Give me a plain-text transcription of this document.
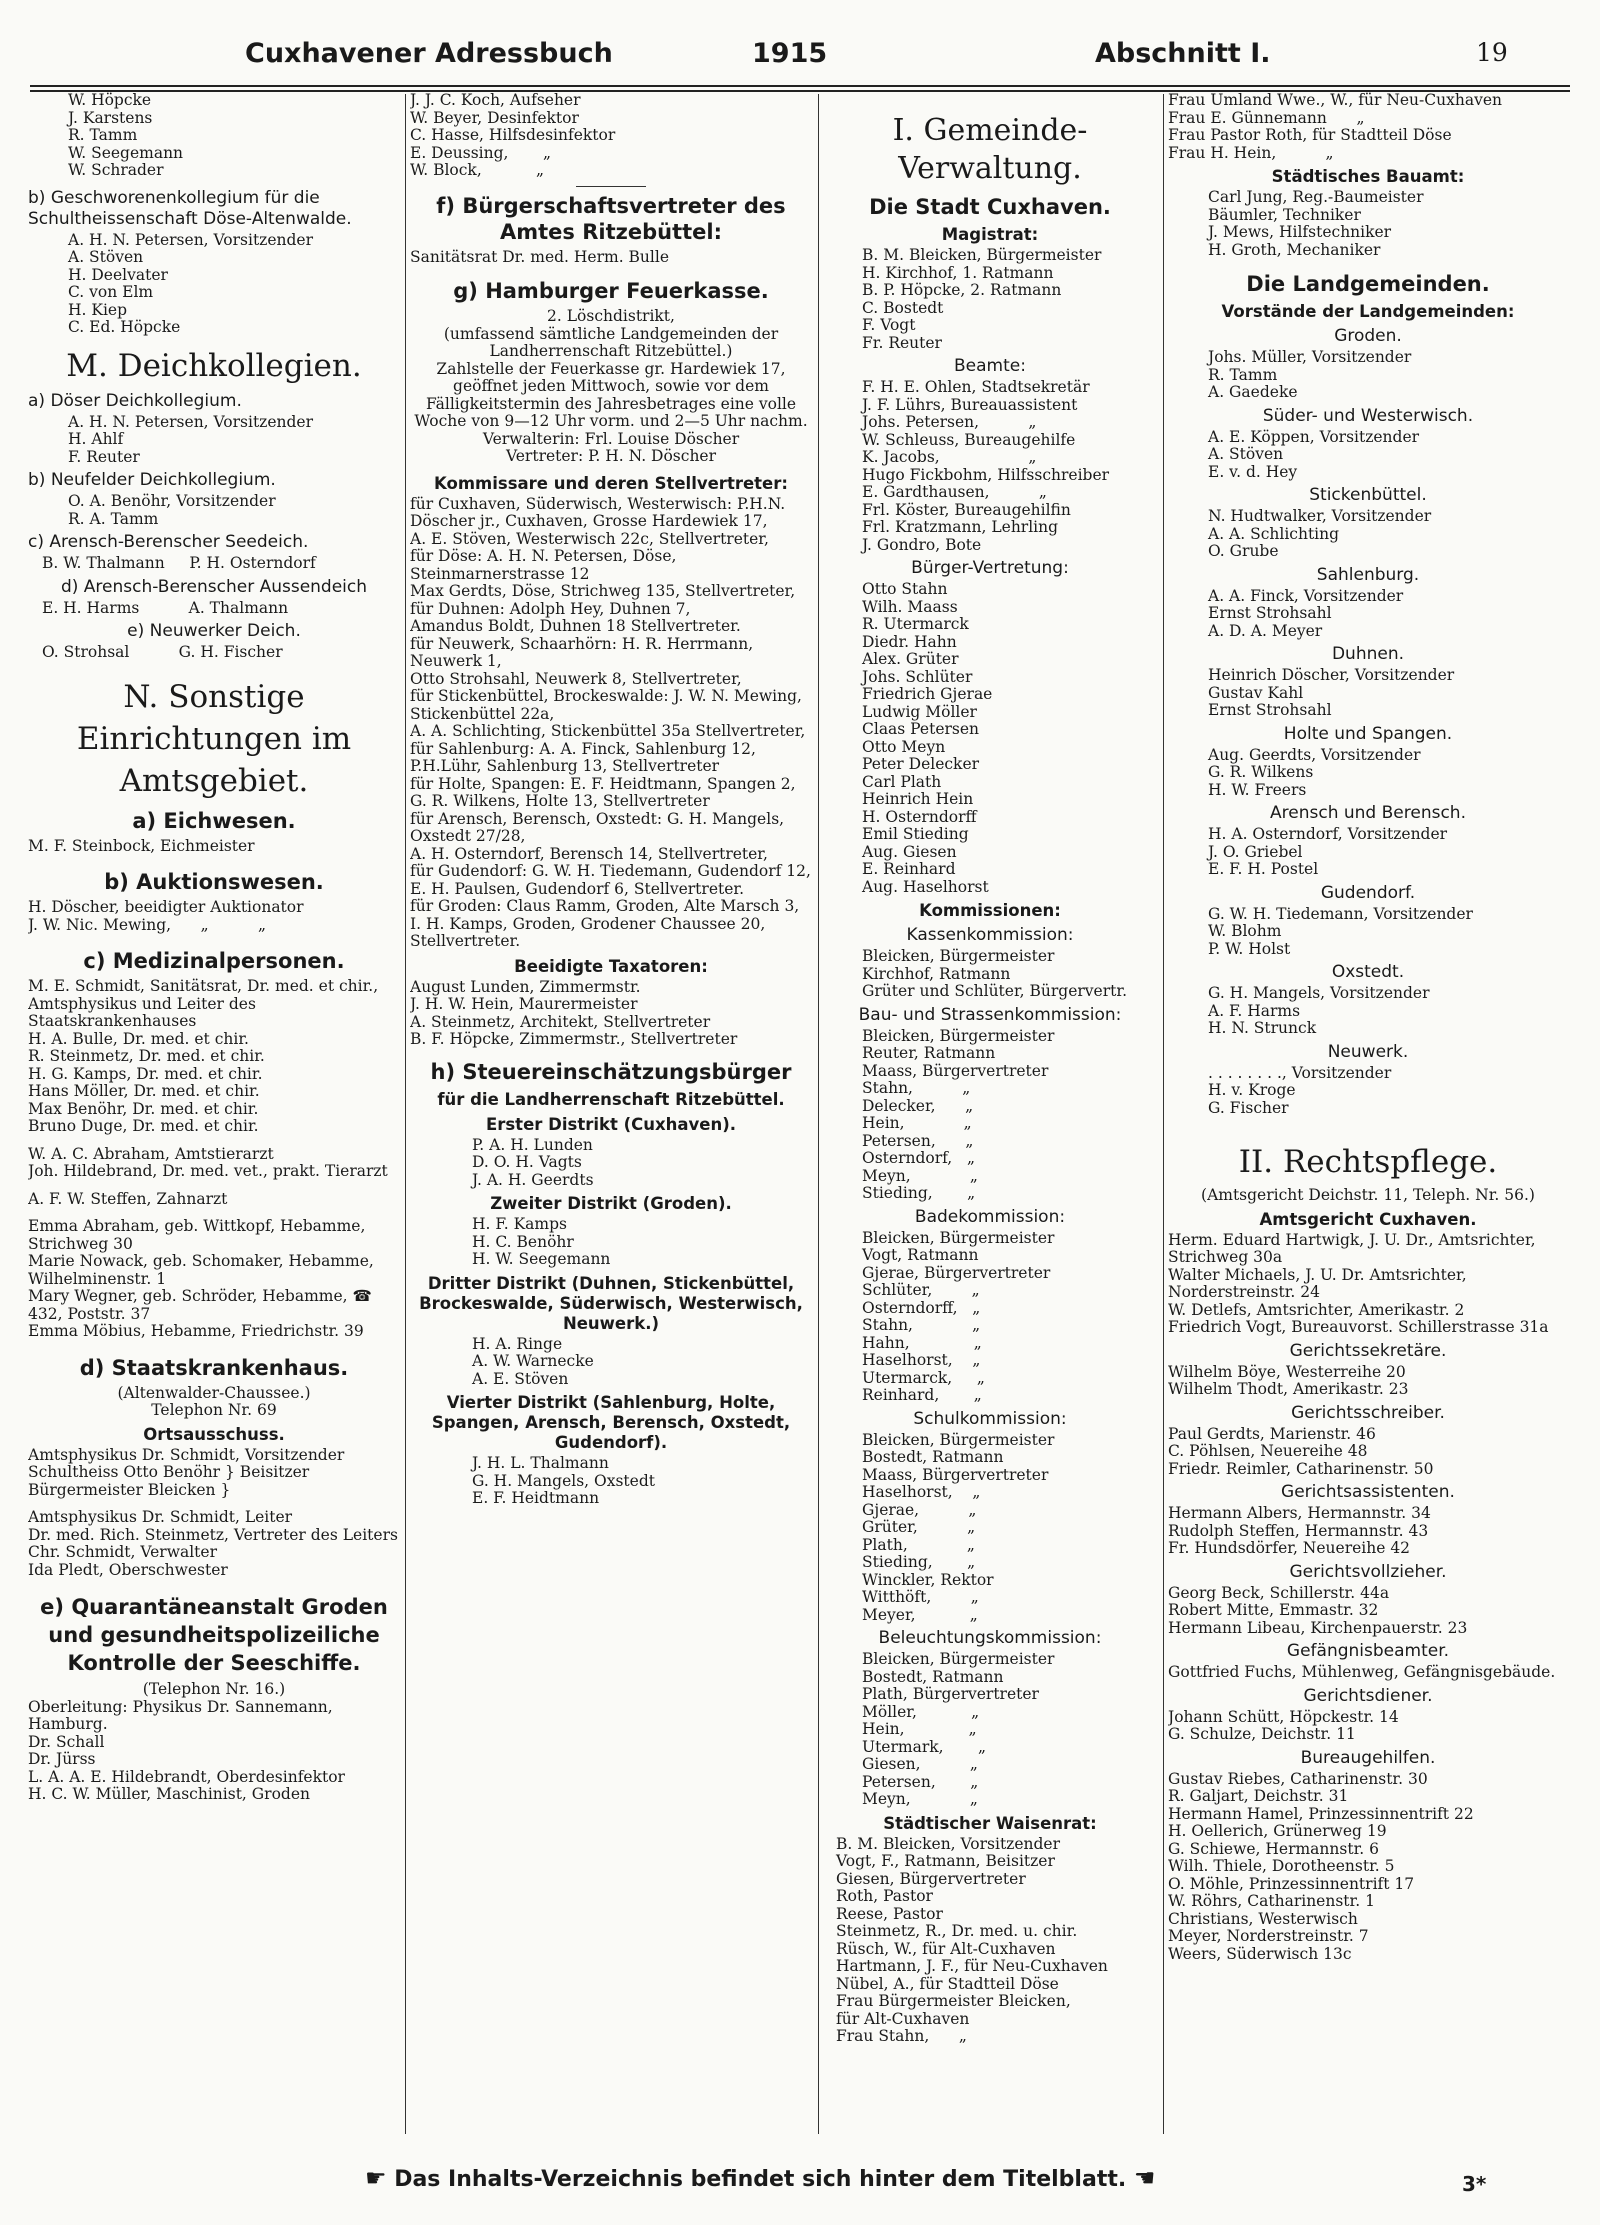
Cuxhavener Adressbuch	1915	Abschnitt I.	19
W. Höpcke
J. Karstens
R. Tamm
W. Seegemann
W. Schrader
b) Geschworenenkollegium für die Schultheissenschaft Döse-Altenwalde.
A. H. N. Petersen, Vorsitzender
A. Stöven
H. Deelvater
C. von Elm
H. Kiep
C. Ed. Höpcke
M. Deichkollegien.
a) Döser Deichkollegium.
A. H. N. Petersen, Vorsitzender
H. Ahlf
F. Reuter
b) Neufelder Deichkollegium.
O. A. Benöhr, Vorsitzender
R. A. Tamm
c) Arensch-Berenscher Seedeich.
B. W. Thalmann     P. H. Osterndorf
d) Arensch-Berenscher Aussendeich
E. H. Harms          A. Thalmann
e) Neuwerker Deich.
O. Strohsal          G. H. Fischer
N. Sonstige Einrichtungen im Amtsgebiet.
a) Eichwesen.
M. F. Steinbock, Eichmeister
b) Auktionswesen.
H. Döscher, beeidigter Auktionator
J. W. Nic. Mewing,      „          „
c) Medizinalpersonen.
M. E. Schmidt, Sanitätsrat, Dr. med. et chir., Amtsphysikus und Leiter des Staatskrankenhauses
H. A. Bulle, Dr. med. et chir.
R. Steinmetz, Dr. med. et chir.
H. G. Kamps, Dr. med. et chir.
Hans Möller, Dr. med. et chir.
Max Benöhr, Dr. med. et chir.
Bruno Duge, Dr. med. et chir.
W. A. C. Abraham, Amtstierarzt
Joh. Hildebrand, Dr. med. vet., prakt. Tierarzt
A. F. W. Steffen, Zahnarzt
Emma Abraham, geb. Wittkopf, Hebamme, Strichweg 30
Marie Nowack, geb. Schomaker, Hebamme, Wilhelminenstr. 1
Mary Wegner, geb. Schröder, Hebamme, ☎ 432, Poststr. 37
Emma Möbius, Hebamme, Friedrichstr. 39
d) Staatskrankenhaus.
(Altenwalder-Chaussee.)
Telephon Nr. 69
Ortsausschuss.
Amtsphysikus Dr. Schmidt, Vorsitzender
Schultheiss Otto Benöhr } Beisitzer
Bürgermeister Bleicken }
Amtsphysikus Dr. Schmidt, Leiter
Dr. med. Rich. Steinmetz, Vertreter des Leiters
Chr. Schmidt, Verwalter
Ida Pledt, Oberschwester
e) Quarantäneanstalt Groden und gesundheitspolizeiliche Kontrolle der Seeschiffe.
(Telephon Nr. 16.)
Oberleitung: Physikus Dr. Sannemann, Hamburg.
Dr. Schall
Dr. Jürss
L. A. A. E. Hildebrandt, Oberdesinfektor
H. C. W. Müller, Maschinist, Groden
J. J. C. Koch, Aufseher
W. Beyer, Desinfektor
C. Hasse, Hilfsdesinfektor
E. Deussing,       „
W. Block,           „
f) Bürgerschaftsvertreter des Amtes Ritzebüttel:
Sanitätsrat Dr. med. Herm. Bulle
g) Hamburger Feuerkasse.
2. Löschdistrikt,
(umfassend sämtliche Landgemeinden der Landherrenschaft Ritzebüttel.)
Zahlstelle der Feuerkasse gr. Hardewiek 17, geöffnet jeden Mittwoch, sowie vor dem Fälligkeitstermin des Jahresbetrages eine volle Woche von 9—12 Uhr vorm. und 2—5 Uhr nachm.
Verwalterin: Frl. Louise Döscher
Vertreter: P. H. N. Döscher
Kommissare und deren Stellvertreter:
für Cuxhaven, Süderwisch, Westerwisch: P.H.N. Döscher jr., Cuxhaven, Grosse Hardewiek 17,
A. E. Stöven, Westerwisch 22c, Stellvertreter,
für Döse: A. H. N. Petersen, Döse, Steinmarnerstrasse 12
Max Gerdts, Döse, Strichweg 135, Stellvertreter,
für Duhnen: Adolph Hey, Duhnen 7,
Amandus Boldt, Duhnen 18 Stellvertreter.
für Neuwerk, Schaarhörn: H. R. Herrmann, Neuwerk 1,
Otto Strohsahl, Neuwerk 8, Stellvertreter,
für Stickenbüttel, Brockeswalde: J. W. N. Mewing, Stickenbüttel 22a,
A. A. Schlichting, Stickenbüttel 35a Stellvertreter,
für Sahlenburg: A. A. Finck, Sahlenburg 12,
P.H.Lühr, Sahlenburg 13, Stellvertreter
für Holte, Spangen: E. F. Heidtmann, Spangen 2,
G. R. Wilkens, Holte 13, Stellvertreter
für Arensch, Berensch, Oxstedt: G. H. Mangels, Oxstedt 27/28,
A. H. Osterndorf, Berensch 14, Stellvertreter,
für Gudendorf: G. W. H. Tiedemann, Gudendorf 12,
E. H. Paulsen, Gudendorf 6, Stellvertreter.
für Groden: Claus Ramm, Groden, Alte Marsch 3,
I. H. Kamps, Groden, Grodener Chaussee 20, Stellvertreter.
Beeidigte Taxatoren:
August Lunden, Zimmermstr.
J. H. W. Hein, Maurermeister
A. Steinmetz, Architekt, Stellvertreter
B. F. Höpcke, Zimmermstr., Stellvertreter
h) Steuereinschätzungsbürger
für die Landherrenschaft Ritzebüttel.
Erster Distrikt (Cuxhaven).
P. A. H. Lunden
D. O. H. Vagts
J. A. H. Geerdts
Zweiter Distrikt (Groden).
H. F. Kamps
H. C. Benöhr
H. W. Seegemann
Dritter Distrikt (Duhnen, Stickenbüttel, Brockeswalde, Süderwisch, Westerwisch, Neuwerk.)
H. A. Ringe
A. W. Warnecke
A. E. Stöven
Vierter Distrikt (Sahlenburg, Holte, Spangen, Arensch, Berensch, Oxstedt, Gudendorf).
J. H. L. Thalmann
G. H. Mangels, Oxstedt
E. F. Heidtmann
I. Gemeinde-Verwaltung.
Die Stadt Cuxhaven.
Magistrat:
B. M. Bleicken, Bürgermeister
H. Kirchhof, 1. Ratmann
B. P. Höpcke, 2. Ratmann
C. Bostedt
F. Vogt
Fr. Reuter
Beamte:
F. H. E. Ohlen, Stadtsekretär
J. F. Lührs, Bureauassistent
Johs. Petersen,          „
W. Schleuss, Bureaugehilfe
K. Jacobs,                  „
Hugo Fickbohm, Hilfsschreiber
E. Gardthausen,          „
Frl. Köster, Bureaugehilfin
Frl. Kratzmann, Lehrling
J. Gondro, Bote
Bürger-Vertretung:
Otto Stahn
Wilh. Maass
R. Utermarck
Diedr. Hahn
Alex. Grüter
Johs. Schlüter
Friedrich Gjerae
Ludwig Möller
Claas Petersen
Otto Meyn
Peter Delecker
Carl Plath
Heinrich Hein
H. Osterndorff
Emil Stieding
Aug. Giesen
E. Reinhard
Aug. Haselhorst
Kommissionen:
Kassenkommission:
Bleicken, Bürgermeister
Kirchhof, Ratmann
Grüter und Schlüter, Bürgervertr.
Bau- und Strassenkommission:
Bleicken, Bürgermeister
Reuter, Ratmann
Maass, Bürgervertreter
Stahn,          „
Delecker,      „
Hein,            „
Petersen,      „
Osterndorf,   „
Meyn,            „
Stieding,       „
Badekommission:
Bleicken, Bürgermeister
Vogt, Ratmann
Gjerae, Bürgervertreter
Schlüter,        „
Osterndorff,   „
Stahn,            „
Hahn,             „
Haselhorst,    „
Utermarck,     „
Reinhard,       „
Schulkommission:
Bleicken, Bürgermeister
Bostedt, Ratmann
Maass, Bürgervertreter
Haselhorst,    „
Gjerae,          „
Grüter,          „
Plath,            „
Stieding,       „
Winckler, Rektor
Witthöft,        „
Meyer,           „
Beleuchtungskommission:
Bleicken, Bürgermeister
Bostedt, Ratmann
Plath, Bürgervertreter
Möller,           „
Hein,             „
Utermark,       „
Giesen,          „
Petersen,       „
Meyn,            „
Städtischer Waisenrat:
B. M. Bleicken, Vorsitzender
Vogt, F., Ratmann, Beisitzer
Giesen, Bürgervertreter
Roth, Pastor
Reese, Pastor
Steinmetz, R., Dr. med. u. chir.
Rüsch, W., für Alt-Cuxhaven
Hartmann, J. F., für Neu-Cuxhaven
Nübel, A., für Stadtteil Döse
Frau Bürgermeister Bleicken,
für Alt-Cuxhaven
Frau Stahn,      „
Frau Umland Wwe., W., für Neu-Cuxhaven
Frau E. Günnemann      „
Frau Pastor Roth, für Stadtteil Döse
Frau H. Hein,          „
Städtisches Bauamt:
Carl Jung, Reg.-Baumeister
Bäumler, Techniker
J. Mews, Hilfstechniker
H. Groth, Mechaniker
Die Landgemeinden.
Vorstände der Landgemeinden:
Groden.
Johs. Müller, Vorsitzender
R. Tamm
A. Gaedeke
Süder- und Westerwisch.
A. E. Köppen, Vorsitzender
A. Stöven
E. v. d. Hey
Stickenbüttel.
N. Hudtwalker, Vorsitzender
A. A. Schlichting
O. Grube
Sahlenburg.
A. A. Finck, Vorsitzender
Ernst Strohsahl
A. D. A. Meyer
Duhnen.
Heinrich Döscher, Vorsitzender
Gustav Kahl
Ernst Strohsahl
Holte und Spangen.
Aug. Geerdts, Vorsitzender
G. R. Wilkens
H. W. Freers
Arensch und Berensch.
H. A. Osterndorf, Vorsitzender
J. O. Griebel
E. F. H. Postel
Gudendorf.
G. W. H. Tiedemann, Vorsitzender
W. Blohm
P. W. Holst
Oxstedt.
G. H. Mangels, Vorsitzender
A. F. Harms
H. N. Strunck
Neuwerk.
. . . . . . . ., Vorsitzender
H. v. Kroge
G. Fischer
II. Rechtspflege.
(Amtsgericht Deichstr. 11, Teleph. Nr. 56.)
Amtsgericht Cuxhaven.
Herm. Eduard Hartwigk, J. U. Dr., Amtsrichter, Strichweg 30a
Walter Michaels, J. U. Dr. Amtsrichter, Norderstreinstr. 24
W. Detlefs, Amtsrichter, Amerikastr. 2
Friedrich Vogt, Bureauvorst. Schillerstrasse 31a
Gerichtssekretäre.
Wilhelm Böye, Westerreihe 20
Wilhelm Thodt, Amerikastr. 23
Gerichtsschreiber.
Paul Gerdts, Marienstr. 46
C. Pöhlsen, Neuereihe 48
Friedr. Reimler, Catharinenstr. 50
Gerichtsassistenten.
Hermann Albers, Hermannstr. 34
Rudolph Steffen, Hermannstr. 43
Fr. Hundsdörfer, Neuereihe 42
Gerichtsvollzieher.
Georg Beck, Schillerstr. 44a
Robert Mitte, Emmastr. 32
Hermann Libeau, Kirchenpauerstr. 23
Gefängnisbeamter.
Gottfried Fuchs, Mühlenweg, Gefängnisgebäude.
Gerichtsdiener.
Johann Schütt, Höpckestr. 14
G. Schulze, Deichstr. 11
Bureaugehilfen.
Gustav Riebes, Catharinenstr. 30
R. Galjart, Deichstr. 31
Hermann Hamel, Prinzessinnentrift 22
H. Oellerich, Grünerweg 19
G. Schiewe, Hermannstr. 6
Wilh. Thiele, Dorotheenstr. 5
O. Möhle, Prinzessinnentrift 17
W. Röhrs, Catharinenstr. 1
Christians, Westerwisch
Meyer, Norderstreinstr. 7
Weers, Süderwisch 13c
☛ Das Inhalts-Verzeichnis befindet sich hinter dem Titelblatt. ☚	3*
